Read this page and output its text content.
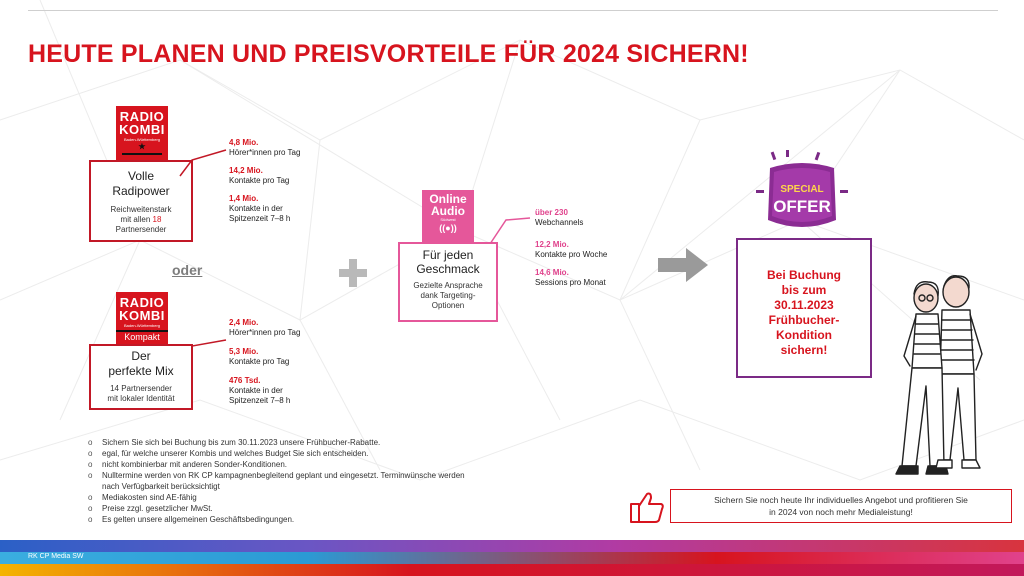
HEUTE PLANEN UND PREISVORTEILE FÜR 2024 SICHERN!
RADIO
KOMBI
Baden-Württemberg
★
Volle
Radipower
Reichweitenstark
mit allen 18
Partnersender
4,8 Mio.
Hörer*innen pro Tag
14,2 Mio.
Kontakte pro Tag
1,4 Mio.
Kontakte in der
Spitzenzeit 7–8 h
oder
RADIO
KOMBI
Baden-Württemberg
Kompakt
Der
perfekte Mix
14 Partnersender
mit lokaler Identität
2,4 Mio.
Hörer*innen pro Tag
5,3 Mio.
Kontakte pro Tag
476 Tsd.
Kontakte in der
Spitzenzeit 7–8 h
Online
Audio
Südwest
((●))
Für jeden
Geschmack
Gezielte Ansprache
dank Targeting-
Optionen
über 230
Webchannels
12,2 Mio.
Kontakte pro Woche
14,6 Mio.
Sessions pro Monat
SPECIAL
OFFER
Bei Buchung
bis zum
30.11.2023
Frühbucher-
Kondition
sichern!
o Sichern Sie sich bei Buchung bis zum 30.11.2023 unsere Frühbucher-Rabatte.
o egal, für welche unserer Kombis und welches Budget Sie sich entscheiden.
o nicht kombinierbar mit anderen Sonder-Konditionen.
o Nulltermine werden von RK CP kampagnenbegleitend geplant und eingesetzt. Terminwünsche werden
nach Verfügbarkeit berücksichtigt
o Mediakosten sind AE-fähig
o Preise zzgl. gesetzlicher MwSt.
o Es gelten unsere allgemeinen Geschäftsbedingungen.
Sichern Sie noch heute Ihr individuelles Angebot und profitieren Sie
in 2024 von noch mehr Medialeistung!
RK CP Media SW
